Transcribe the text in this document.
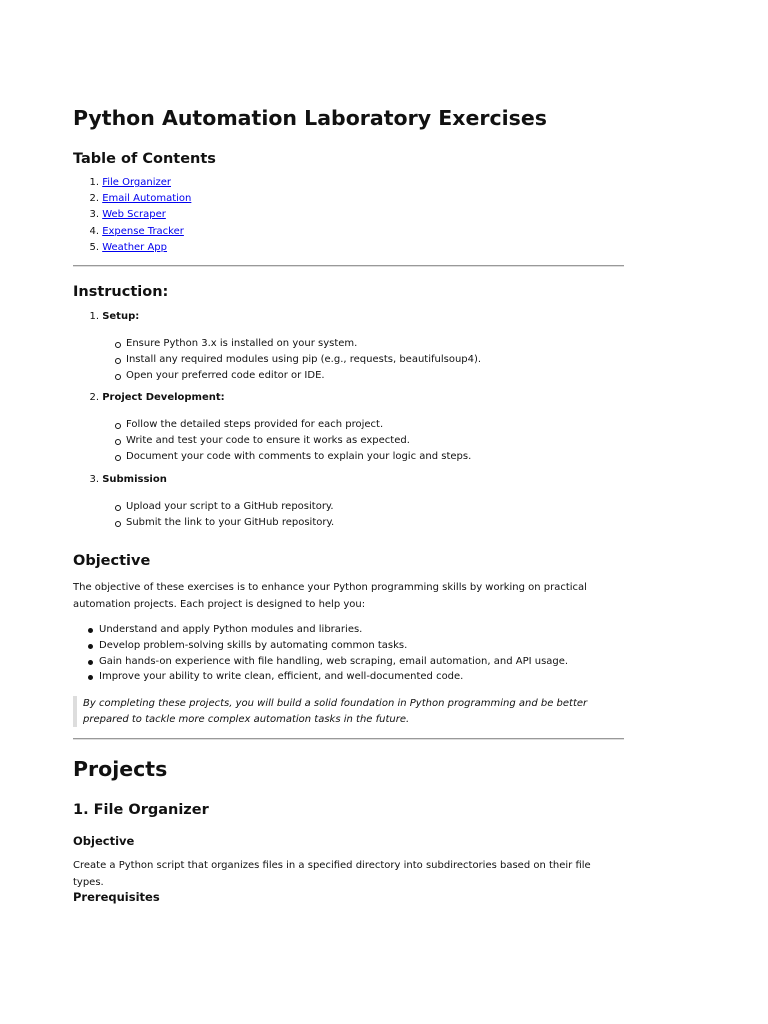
Python Automation Laboratory Exercises
Table of Contents
1. File Organizer
2. Email Automation
3. Web Scraper
4. Expense Tracker
5. Weather App
Instruction:
1. Setup:
Ensure Python 3.x is installed on your system.
Install any required modules using pip (e.g., requests, beautifulsoup4).
Open your preferred code editor or IDE.
2. Project Development:
Follow the detailed steps provided for each project.
Write and test your code to ensure it works as expected.
Document your code with comments to explain your logic and steps.
3. Submission
Upload your script to a GitHub repository.
Submit the link to your GitHub repository.
Objective

The objective of these exercises is to enhance your Python programming skills by working on practical automation projects. Each project is designed to help you:

Understand and apply Python modules and libraries.
Develop problem-solving skills by automating common tasks.
Gain hands-on experience with file handling, web scraping, email automation, and API usage.
Improve your ability to write clean, efficient, and well-documented code.
By completing these projects, you will build a solid foundation in Python programming and be better prepared to tackle more complex automation tasks in the future.
Projects
1. File Organizer
Objective

Create a Python script that organizes files in a specified directory into subdirectories based on their file types.

Prerequisites
